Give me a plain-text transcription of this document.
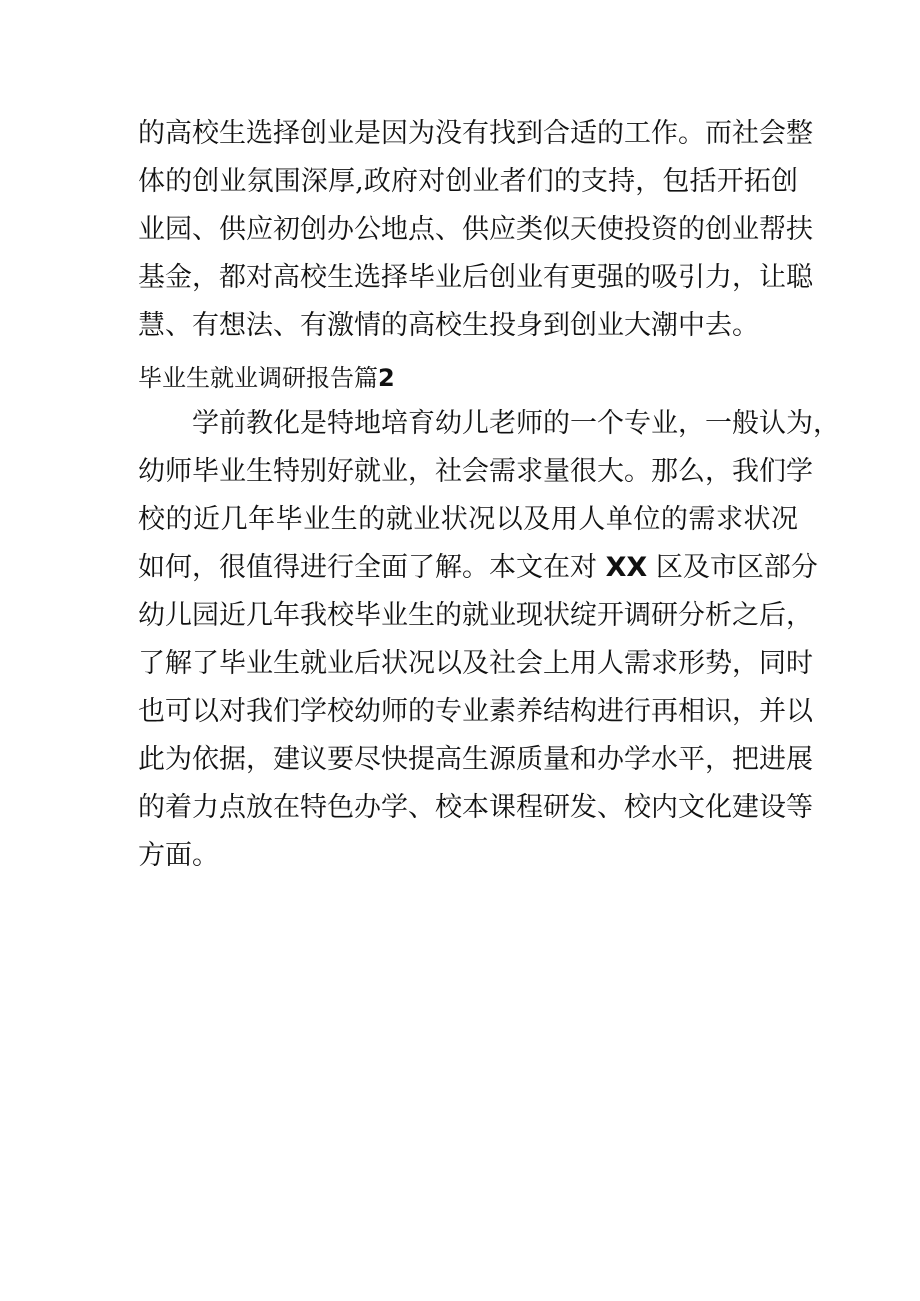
的高校生选择创业是因为没有找到合适的工作。而社会整
体的创业氛围深厚,政府对创业者们的支持，包括开拓创
业园、供应初创办公地点、供应类似天使投资的创业帮扶
基金，都对高校生选择毕业后创业有更强的吸引力，让聪
慧、有想法、有激情的高校生投身到创业大潮中去。
毕业生就业调研报告篇2
学前教化是特地培育幼儿老师的一个专业，一般认为，
幼师毕业生特别好就业，社会需求量很大。那么，我们学
校的近几年毕业生的就业状况以及用人单位的需求状况
如何，很值得进行全面了解。本文在对 XX 区及市区部分
幼儿园近几年我校毕业生的就业现状绽开调研分析之后，
了解了毕业生就业后状况以及社会上用人需求形势，同时
也可以对我们学校幼师的专业素养结构进行再相识，并以
此为依据，建议要尽快提高生源质量和办学水平，把进展
的着力点放在特色办学、校本课程研发、校内文化建设等
方面。
